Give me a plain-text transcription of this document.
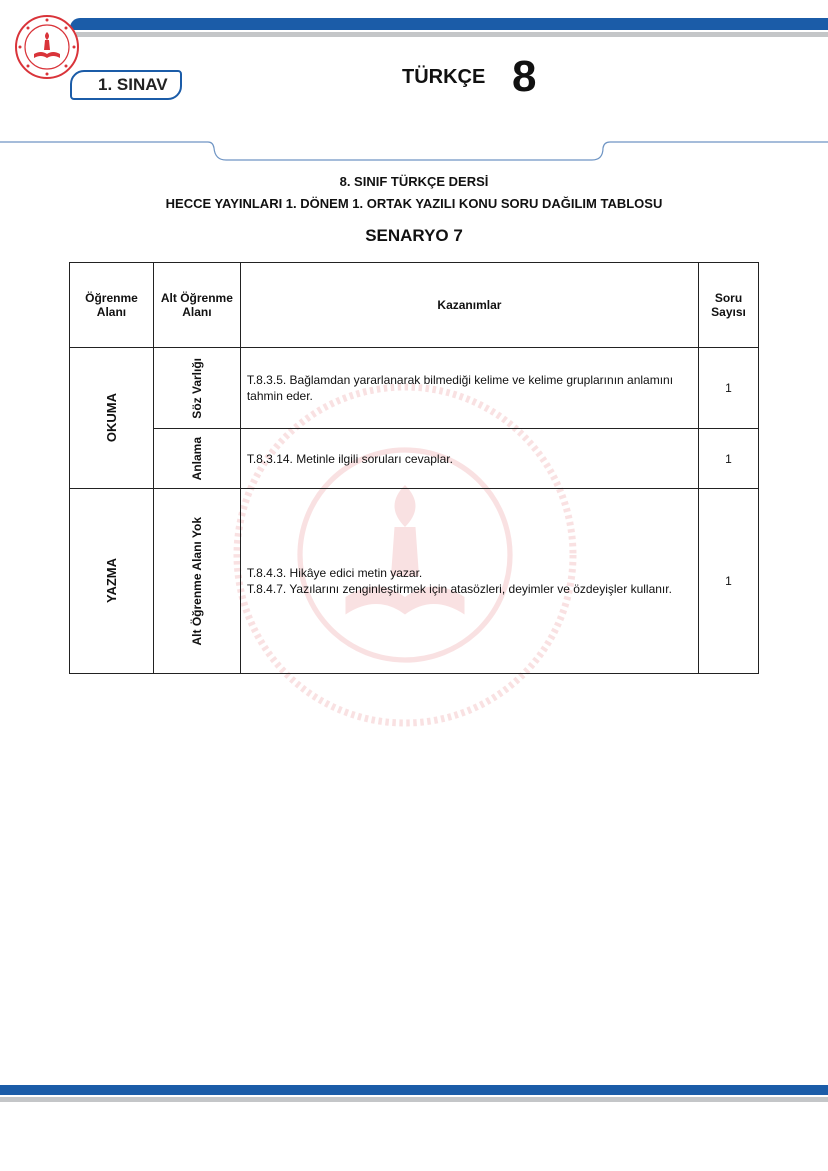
1. SINAV	TÜRKÇE 8
8. SINIF TÜRKÇE DERSİ
HECCE YAYINLARI 1. DÖNEM 1. ORTAK YAZILI KONU SORU DAĞILIM TABLOSU
SENARYO 7
Öğrenme Alanı	Alt Öğrenme Alanı	Kazanımlar	Soru Sayısı

OKUMA	Söz Varlığı	T.8.3.5. Bağlamdan yararlanarak bilmediği kelime ve kelime gruplarının anlamını tahmin eder.	1

	Anlama	T.8.3.14. Metinle ilgili soruları cevaplar.	1

YAZMA	Alt Öğrenme Alanı Yok	T.8.4.3. Hikâye edici metin yazar.
T.8.4.7. Yazılarını zenginleştirmek için atasözleri, deyimler ve özdeyişler kullanır.	1
